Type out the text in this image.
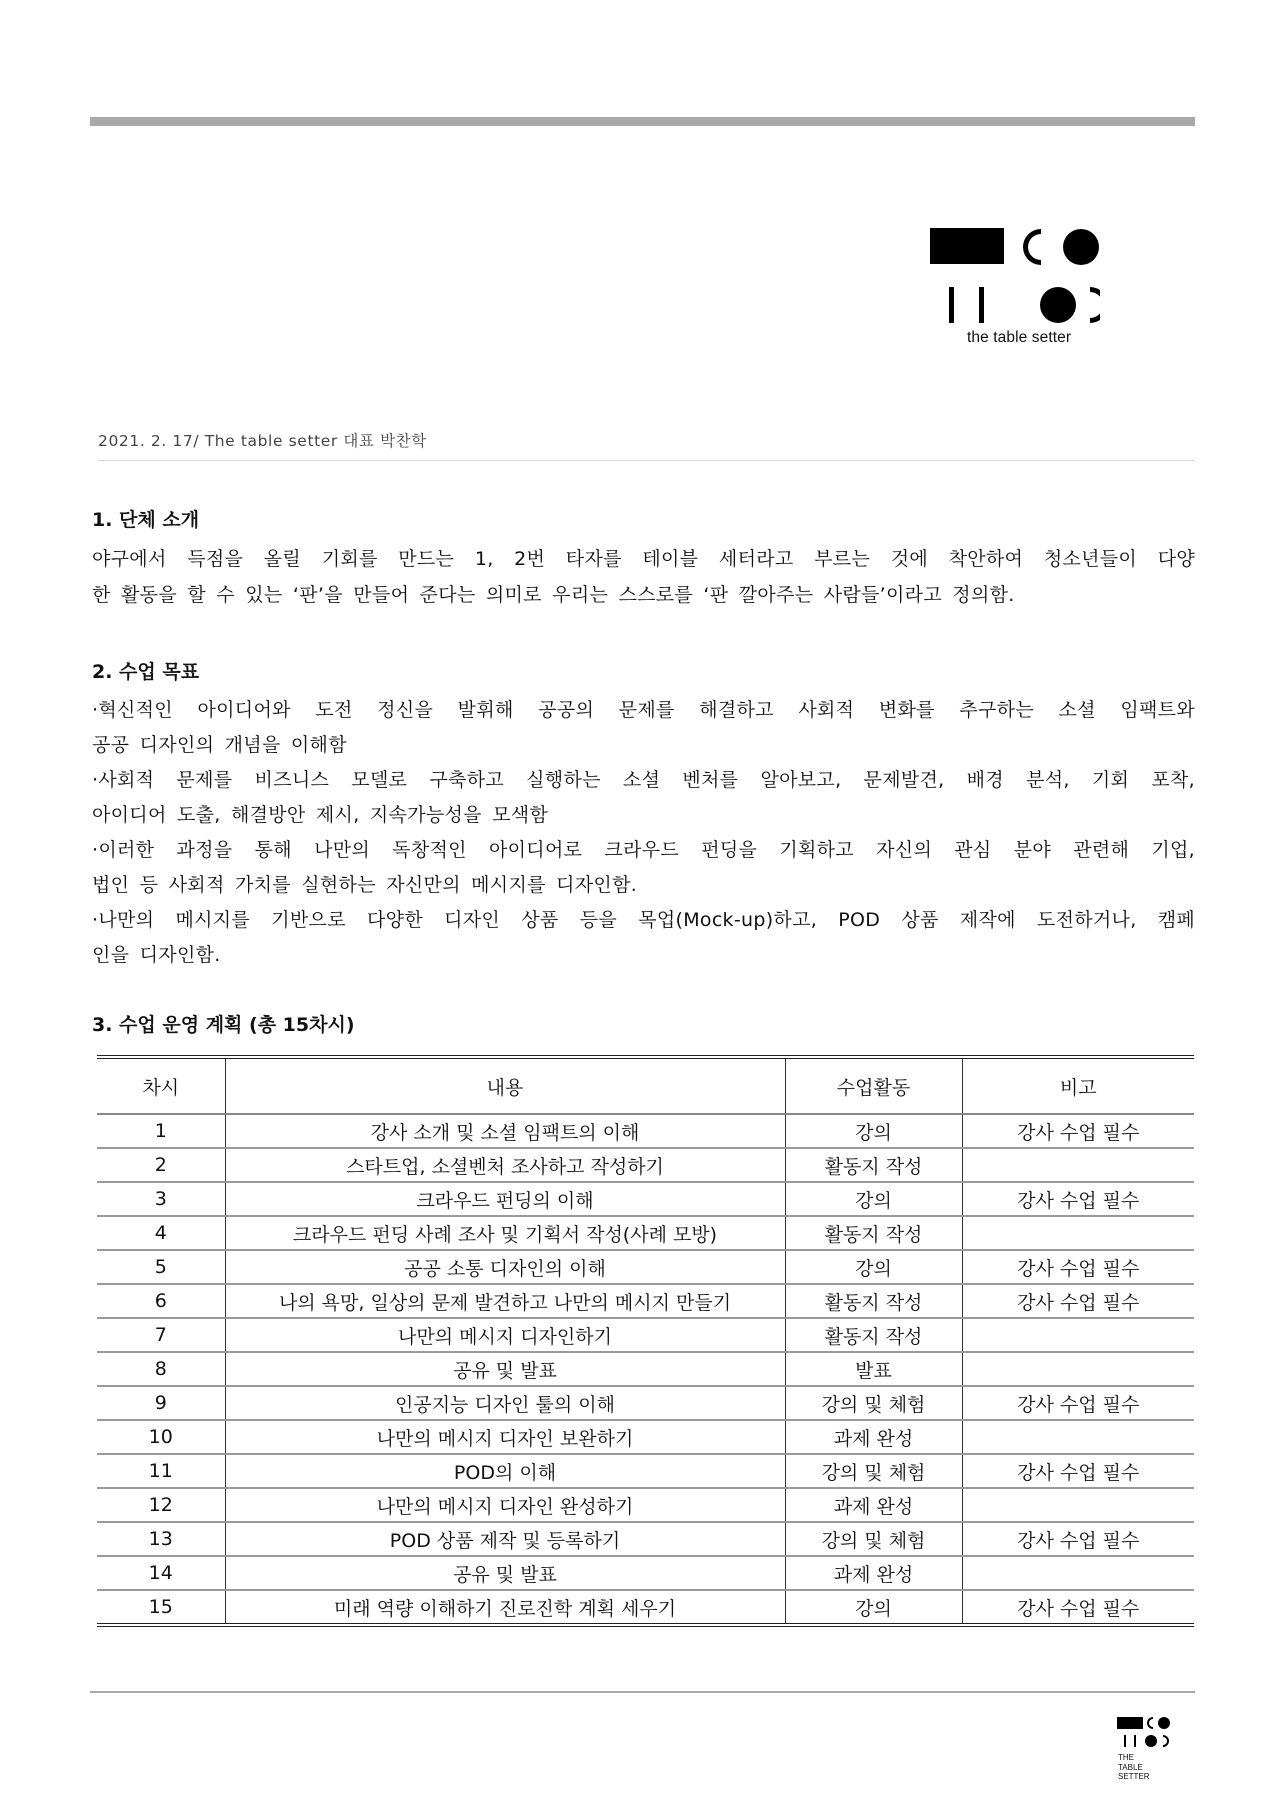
the table setter
2021. 2. 17/ The table setter 대표 박찬학
1. 단체 소개
야구에서 득점을 올릴 기회를 만드는 1, 2번 타자를 테이블 세터라고 부르는 것에 착안하여 청소년들이 다양
한 활동을 할 수 있는 ‘판’을 만들어 준다는 의미로 우리는 스스로를 ‘판 깔아주는 사람들’이라고 정의함.
2. 수업 목표
·혁신적인 아이디어와 도전 정신을 발휘해 공공의 문제를 해결하고 사회적 변화를 추구하는 소셜 임팩트와
공공 디자인의 개념을 이해함
·사회적 문제를 비즈니스 모델로 구축하고 실행하는 소셜 벤처를 알아보고, 문제발견, 배경 분석, 기회 포착,
아이디어 도출, 해결방안 제시, 지속가능성을 모색함
·이러한 과정을 통해 나만의 독창적인 아이디어로 크라우드 펀딩을 기획하고 자신의 관심 분야 관련해 기업,
법인 등 사회적 가치를 실현하는 자신만의 메시지를 디자인함.
·나만의 메시지를 기반으로 다양한 디자인 상품 등을 목업(Mock-up)하고, POD 상품 제작에 도전하거나, 캠페
인을 디자인함.
3. 수업 운영 계획 (총 15차시)
차시	내용	수업활동	비고
1	강사 소개 및 소셜 임팩트의 이해	강의	강사 수업 필수
2	스타트업, 소셜벤처 조사하고 작성하기	활동지 작성	
3	크라우드 펀딩의 이해	강의	강사 수업 필수
4	크라우드 펀딩 사례 조사 및 기획서 작성(사례 모방)	활동지 작성	
5	공공 소통 디자인의 이해	강의	강사 수업 필수
6	나의 욕망, 일상의 문제 발견하고 나만의 메시지 만들기	활동지 작성	강사 수업 필수
7	나만의 메시지 디자인하기	활동지 작성	
8	공유 및 발표	발표	
9	인공지능 디자인 툴의 이해	강의 및 체험	강사 수업 필수
10	나만의 메시지 디자인 보완하기	과제 완성	
11	POD의 이해	강의 및 체험	강사 수업 필수
12	나만의 메시지 디자인 완성하기	과제 완성	
13	POD 상품 제작 및 등록하기	강의 및 체험	강사 수업 필수
14	공유 및 발표	과제 완성	
15	미래 역량 이해하기 진로진학 계획 세우기	강의	강사 수업 필수
THE
TABLE
SETTER
